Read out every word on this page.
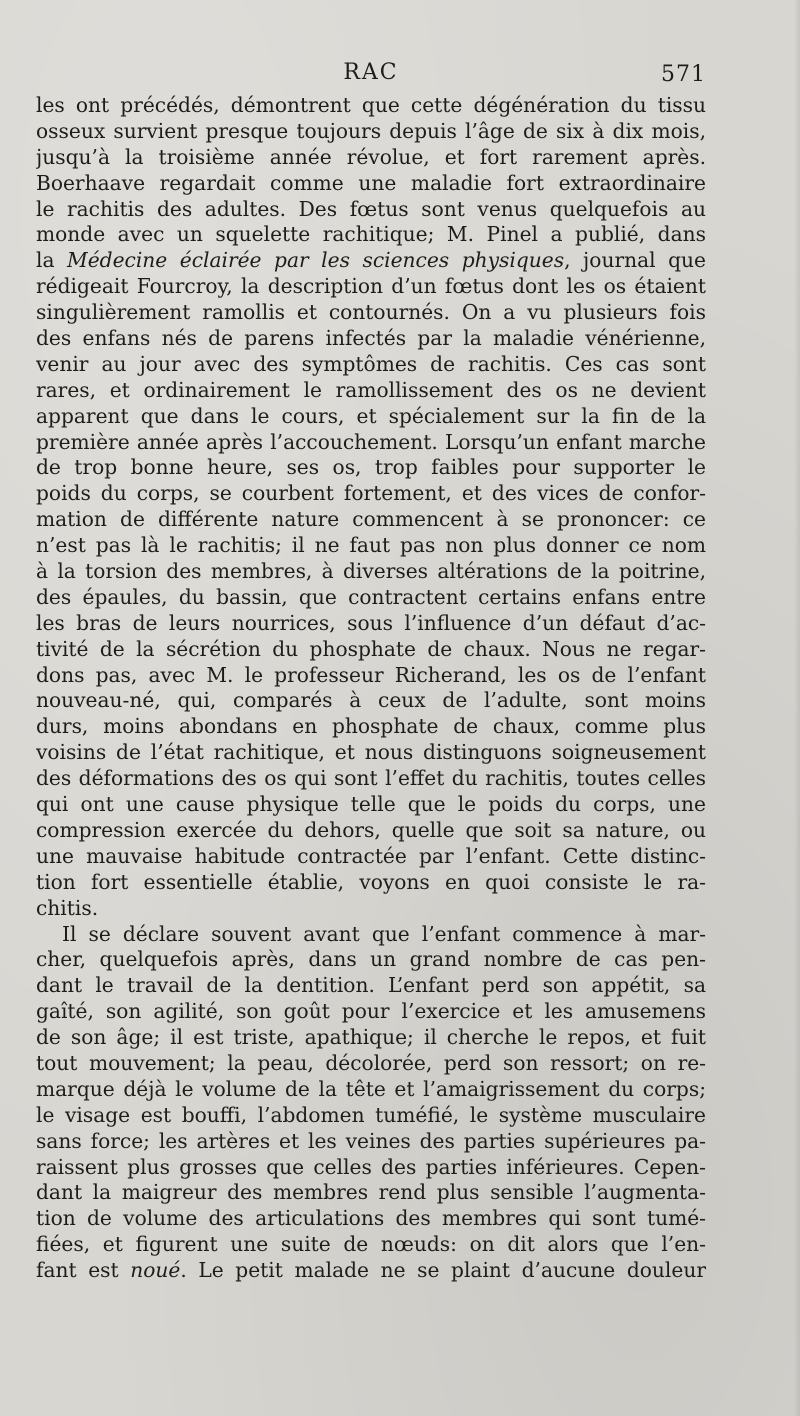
RAC	571
les ont précédés, démontrent que cette dégénération du tissu
osseux survient presque toujours depuis l’âge de six à dix mois,
jusqu’à la troisième année révolue, et fort rarement après.
Boerhaave regardait comme une maladie fort extraordinaire
le rachitis des adultes. Des fœtus sont venus quelquefois au
monde avec un squelette rachitique; M. Pinel a publié, dans
la Médecine éclairée par les sciences physiques, journal que
rédigeait Fourcroy, la description d’un fœtus dont les os étaient
singulièrement ramollis et contournés. On a vu plusieurs fois
des enfans nés de parens infectés par la maladie vénérienne,
venir au jour avec des symptômes de rachitis. Ces cas sont
rares, et ordinairement le ramollissement des os ne devient
apparent que dans le cours, et spécialement sur la fin de la
première année après l’accouchement. Lorsqu’un enfant marche
de trop bonne heure, ses os, trop faibles pour supporter le
poids du corps, se courbent fortement, et des vices de confor-
mation de différente nature commencent à se prononcer: ce
n’est pas là le rachitis; il ne faut pas non plus donner ce nom
à la torsion des membres, à diverses altérations de la poitrine,
des épaules, du bassin, que contractent certains enfans entre
les bras de leurs nourrices, sous l’influence d’un défaut d’ac-
tivité de la sécrétion du phosphate de chaux. Nous ne regar-
dons pas, avec M. le professeur Richerand, les os de l’enfant
nouveau-né, qui, comparés à ceux de l’adulte, sont moins
durs, moins abondans en phosphate de chaux, comme plus
voisins de l’état rachitique, et nous distinguons soigneusement
des déformations des os qui sont l’effet du rachitis, toutes celles
qui ont une cause physique telle que le poids du corps, une
compression exercée du dehors, quelle que soit sa nature, ou
une mauvaise habitude contractée par l’enfant. Cette distinc-
tion fort essentielle établie, voyons en quoi consiste le ra-
chitis.
Il se déclare souvent avant que l’enfant commence à mar-
cher, quelquefois après, dans un grand nombre de cas pen-
dant le travail de la dentition. L’enfant perd son appétit, sa
gaîté, son agilité, son goût pour l’exercice et les amusemens
de son âge; il est triste, apathique; il cherche le repos, et fuit
tout mouvement; la peau, décolorée, perd son ressort; on re-
marque déjà le volume de la tête et l’amaigrissement du corps;
le visage est bouffi, l’abdomen tuméfié, le système musculaire
sans force; les artères et les veines des parties supérieures pa-
raissent plus grosses que celles des parties inférieures. Cepen-
dant la maigreur des membres rend plus sensible l’augmenta-
tion de volume des articulations des membres qui sont tumé-
fiées, et figurent une suite de nœuds: on dit alors que l’en-
fant est noué. Le petit malade ne se plaint d’aucune douleur
